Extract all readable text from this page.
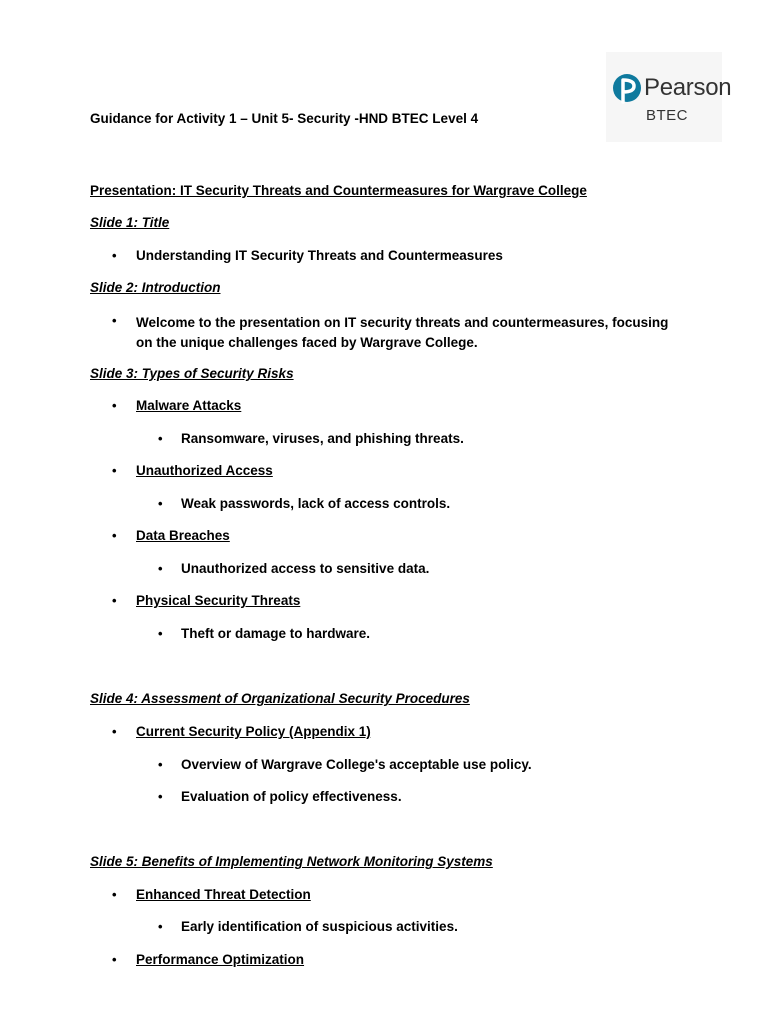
Pearson
BTEC
Guidance for Activity 1 – Unit 5- Security -HND BTEC Level 4
Presentation: IT Security Threats and Countermeasures for Wargrave College
Slide 1: Title
• Understanding IT Security Threats and Countermeasures
Slide 2: Introduction
• Welcome to the presentation on IT security threats and countermeasures, focusing on the unique challenges faced by Wargrave College.
Slide 3: Types of Security Risks
• Malware Attacks
• Ransomware, viruses, and phishing threats.
• Unauthorized Access
• Weak passwords, lack of access controls.
• Data Breaches
• Unauthorized access to sensitive data.
• Physical Security Threats
• Theft or damage to hardware.
Slide 4: Assessment of Organizational Security Procedures
• Current Security Policy (Appendix 1)
• Overview of Wargrave College's acceptable use policy.
• Evaluation of policy effectiveness.
Slide 5: Benefits of Implementing Network Monitoring Systems
• Enhanced Threat Detection
• Early identification of suspicious activities.
• Performance Optimization
